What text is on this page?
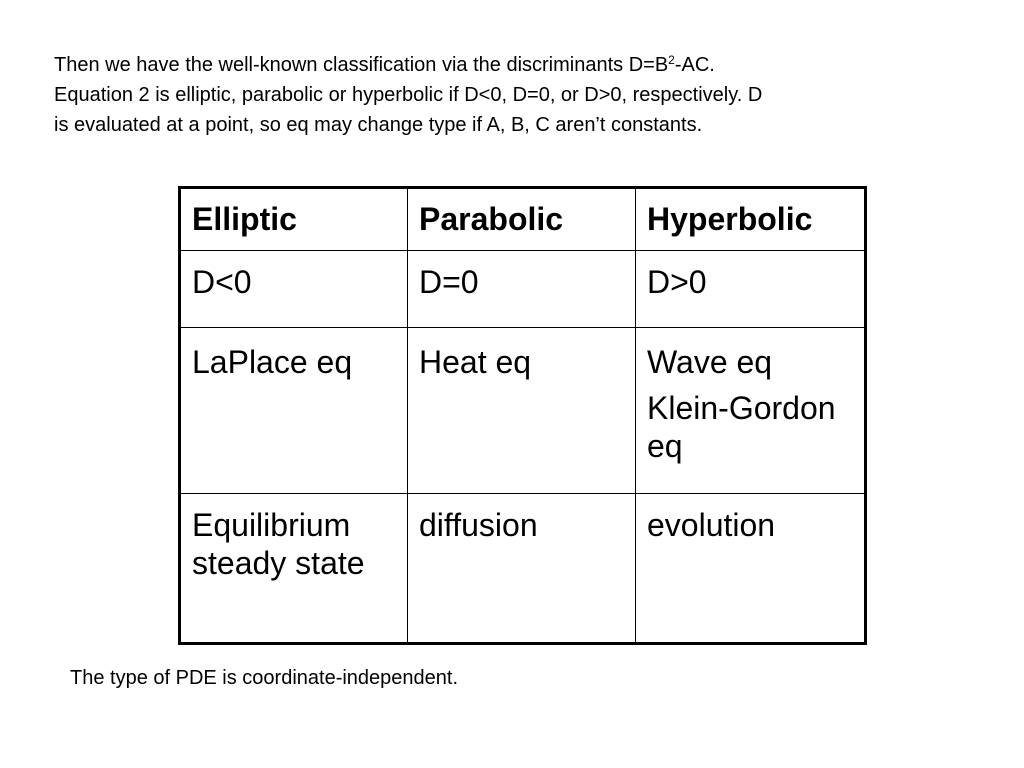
Then we have the well-known classification via the discriminants $D=B^2-AC$.
Equation 2 is elliptic, parabolic or hyperbolic if D<0, D=0, or D>0, respectively. D
is evaluated at a point, so eq may change type if A, B, C aren’t constants.

Elliptic	Parabolic	Hyperbolic
D<0	D=0	D>0
LaPlace eq	Heat eq	Wave eq
Klein-Gordon eq

Equilibrium steady state	diffusion	evolution

The type of PDE is coordinate-independent.
